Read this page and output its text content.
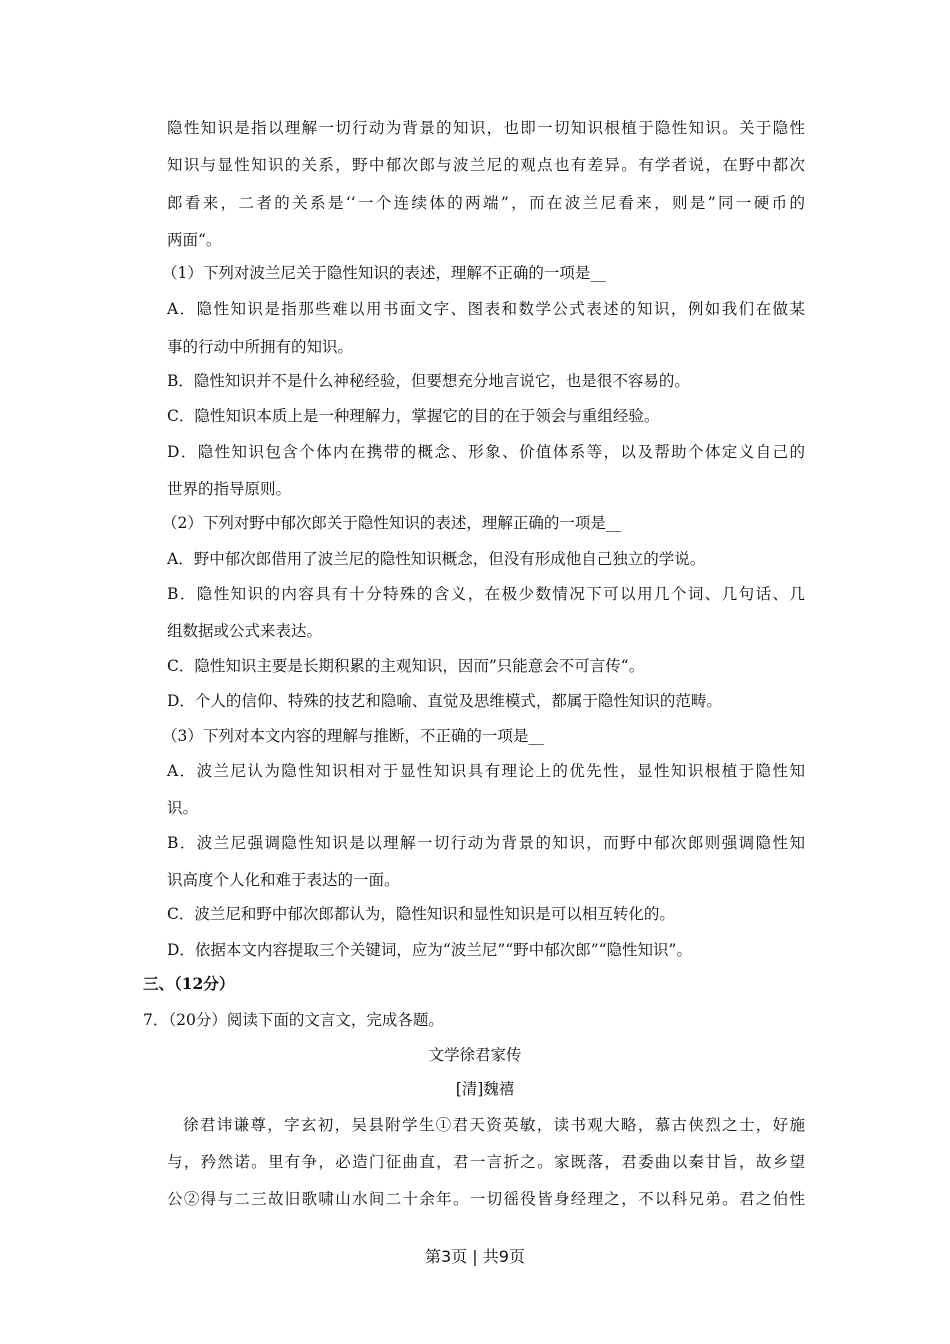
隐性知识是指以理解一切行动为背景的知识，也即一切知识根植于隐性知识。关于隐性
知识与显性知识的关系，野中郁次郎与波兰尼的观点也有差异。有学者说，在野中都次
郎看来，二者的关系是‘‘一个连续体的两端”，而在波兰尼看来，则是”同一硬币的
两面“。
（1）下列对波兰尼关于隐性知识的表述，理解不正确的一项是__
A．隐性知识是指那些难以用书面文字、图表和数学公式表述的知识，例如我们在做某
事的行动中所拥有的知识。
B．隐性知识并不是什么神秘经验，但要想充分地言说它，也是很不容易的。
C．隐性知识本质上是一种理解力，掌握它的目的在于领会与重组经验。
D．隐性知识包含个体内在携带的概念、形象、价值体系等，以及帮助个体定义自己的
世界的指导原则。
（2）下列对野中郁次郎关于隐性知识的表述，理解正确的一项是__
A．野中郁次郎借用了波兰尼的隐性知识概念，但没有形成他自己独立的学说。
B．隐性知识的内容具有十分特殊的含义，在极少数情况下可以用几个词、几句话、几
组数据或公式来表达。
C．隐性知识主要是长期积累的主观知识，因而”只能意会不可言传“。
D．个人的信仰、特殊的技艺和隐喻、直觉及思维模式，都属于隐性知识的范畴。
（3）下列对本文内容的理解与推断，不正确的一项是__
A．波兰尼认为隐性知识相对于显性知识具有理论上的优先性，显性知识根植于隐性知
识。
B．波兰尼强调隐性知识是以理解一切行动为背景的知识，而野中郁次郎则强调隐性知
识高度个人化和难于表达的一面。
C．波兰尼和野中郁次郎都认为，隐性知识和显性知识是可以相互转化的。
D．依据本文内容提取三个关键词，应为“波兰尼”“野中郁次郎”“隐性知识”。
三、（12分）
7．（20分）阅读下面的文言文，完成各题。
文学徐君家传
[清]魏禧
徐君讳谦尊，字玄初，吴县附学生①君天资英敏，读书观大略，慕古侠烈之士，好施
与，矜然诺。里有争，必造门征曲直，君一言折之。家既落，君委曲以秦甘旨，故乡望
公②得与二三故旧歌啸山水间二十余年。一切徭役皆身经理之，不以科兄弟。君之伯性
第3页 | 共9页
